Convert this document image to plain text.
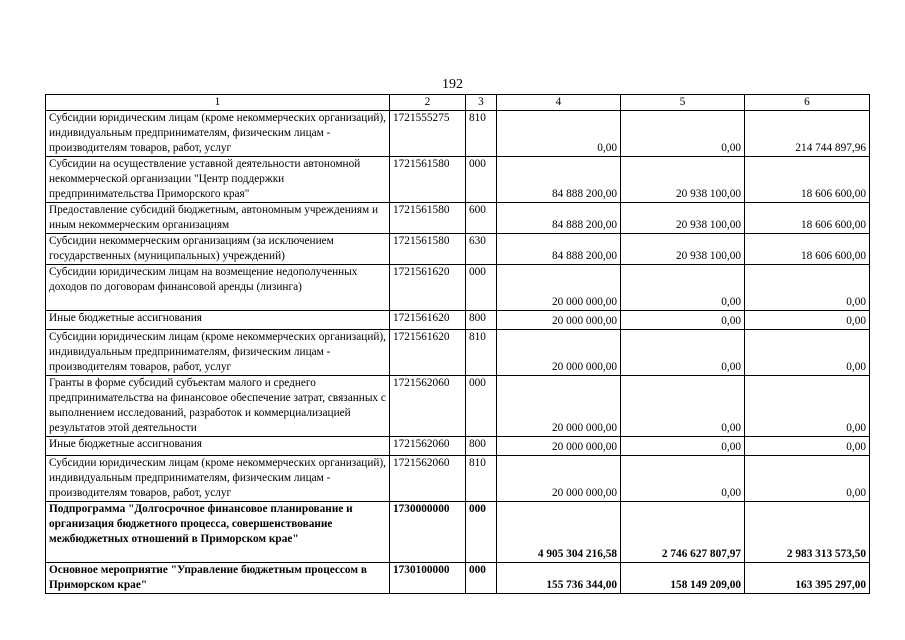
192
1	2	3	4	5	6
Субсидии юридическим лицам (кроме некоммерческих организаций), индивидуальным предпринимателям, физическим лицам - производителям товаров, работ, услуг	1721555275	810	0,00	0,00	214 744 897,96
Субсидии на осуществление уставной деятельности автономной некоммерческой организации "Центр поддержки предпринимательства Приморского края"	1721561580	000	84 888 200,00	20 938 100,00	18 606 600,00
Предоставление субсидий бюджетным, автономным учреждениям и иным некоммерческим организациям	1721561580	600	84 888 200,00	20 938 100,00	18 606 600,00
Субсидии некоммерческим организациям (за исключением государственных (муниципальных) учреждений)	1721561580	630	84 888 200,00	20 938 100,00	18 606 600,00
Субсидии юридическим лицам на возмещение недополученных доходов по договорам финансовой аренды (лизинга)	1721561620	000	20 000 000,00	0,00	0,00
Иные бюджетные ассигнования	1721561620	800	20 000 000,00	0,00	0,00
Субсидии юридическим лицам (кроме некоммерческих организаций), индивидуальным предпринимателям, физическим лицам - производителям товаров, работ, услуг	1721561620	810	20 000 000,00	0,00	0,00
Гранты в форме субсидий субъектам малого и среднего предпринимательства на финансовое обеспечение затрат, связанных с выполнением исследований, разработок и коммерциализацией результатов этой деятельности	1721562060	000	20 000 000,00	0,00	0,00
Иные бюджетные ассигнования	1721562060	800	20 000 000,00	0,00	0,00
Субсидии юридическим лицам (кроме некоммерческих организаций), индивидуальным предпринимателям, физическим лицам - производителям товаров, работ, услуг	1721562060	810	20 000 000,00	0,00	0,00
Подпрограмма "Долгосрочное финансовое планирование и организация бюджетного процесса, совершенствование межбюджетных отношений в Приморском крае"	1730000000	000	4 905 304 216,58	2 746 627 807,97	2 983 313 573,50
Основное мероприятие "Управление бюджетным процессом в Приморском крае"	1730100000	000	155 736 344,00	158 149 209,00	163 395 297,00
